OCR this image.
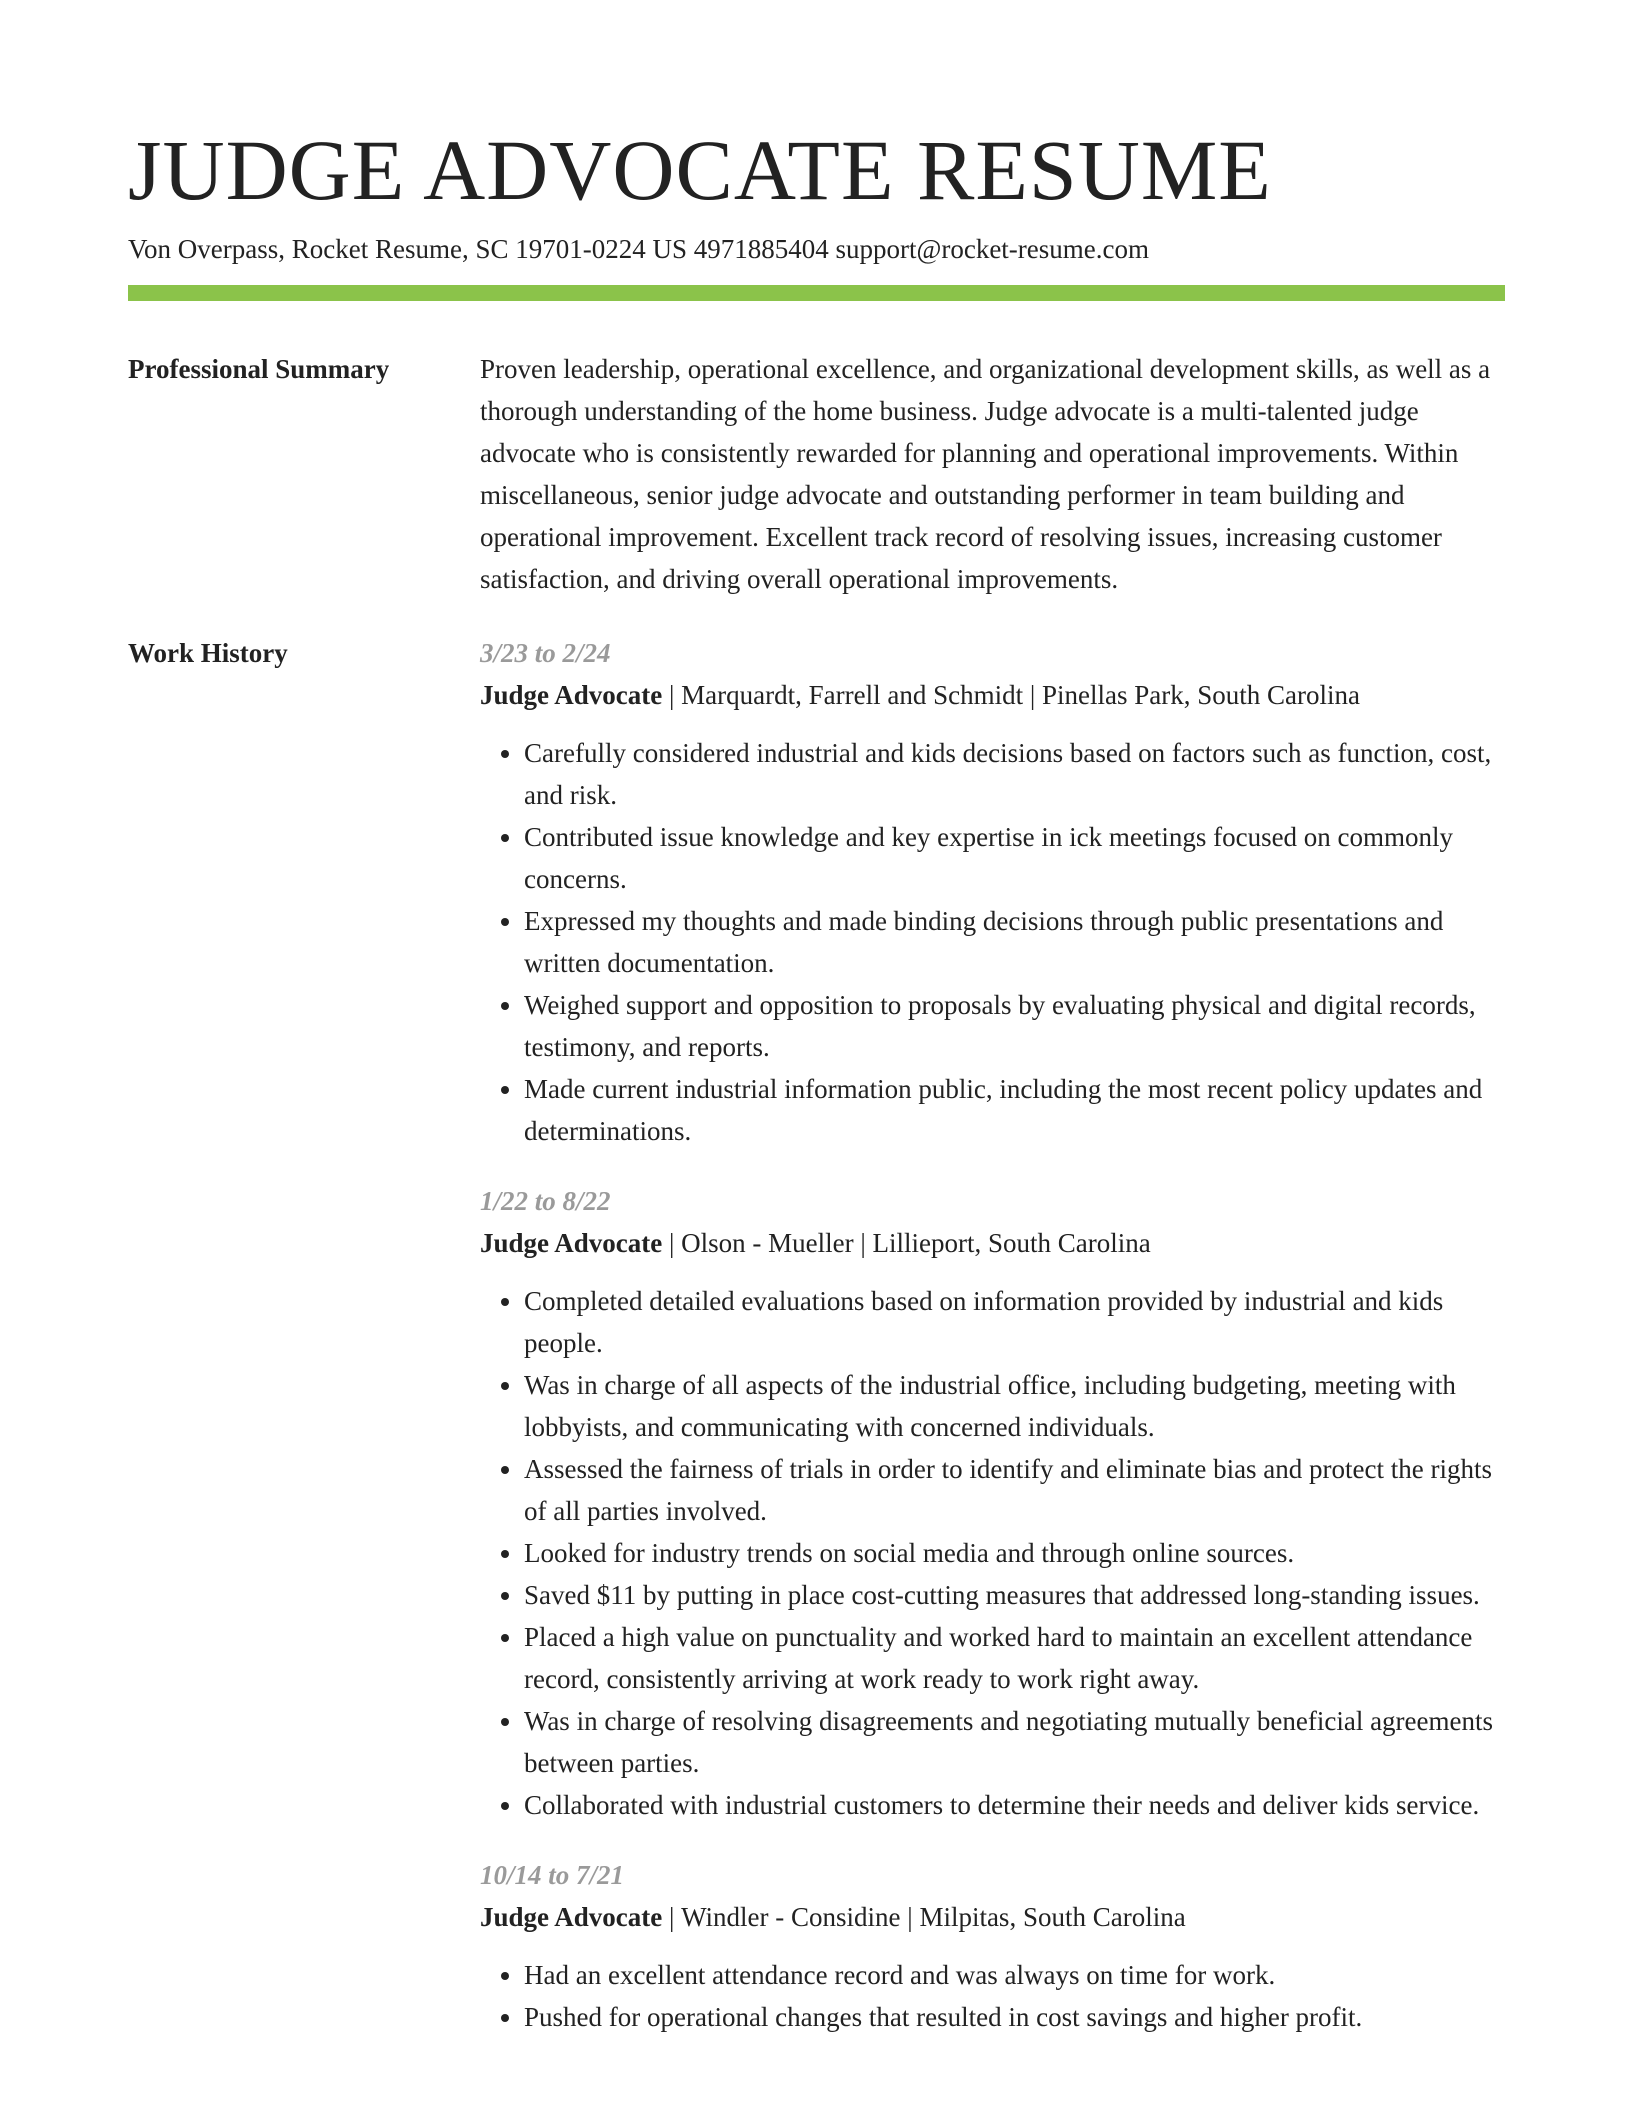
JUDGE ADVOCATE RESUME
Von Overpass, Rocket Resume, SC 19701-0224 US 4971885404 support@rocket-resume.com
Professional Summary	Proven leadership, operational excellence, and organizational development skills, as well as a thorough understanding of the home business. Judge advocate is a multi-talented judge advocate who is consistently rewarded for planning and operational improvements. Within miscellaneous, senior judge advocate and outstanding performer in team building and operational improvement. Excellent track record of resolving issues, increasing customer satisfaction, and driving overall operational improvements.

Work History	3/23 to 2/24
Judge Advocate | Marquardt, Farrell and Schmidt | Pinellas Park, South Carolina
• Carefully considered industrial and kids decisions based on factors such as function, cost, and risk.
• Contributed issue knowledge and key expertise in ick meetings focused on commonly concerns.
• Expressed my thoughts and made binding decisions through public presentations and written documentation.
• Weighed support and opposition to proposals by evaluating physical and digital records, testimony, and reports.
• Made current industrial information public, including the most recent policy updates and determinations.
1/22 to 8/22
Judge Advocate | Olson - Mueller | Lillieport, South Carolina
• Completed detailed evaluations based on information provided by industrial and kids people.
• Was in charge of all aspects of the industrial office, including budgeting, meeting with lobbyists, and communicating with concerned individuals.
• Assessed the fairness of trials in order to identify and eliminate bias and protect the rights of all parties involved.
• Looked for industry trends on social media and through online sources.
• Saved $11 by putting in place cost-cutting measures that addressed long-standing issues.
• Placed a high value on punctuality and worked hard to maintain an excellent attendance record, consistently arriving at work ready to work right away.
• Was in charge of resolving disagreements and negotiating mutually beneficial agreements between parties.
• Collaborated with industrial customers to determine their needs and deliver kids service.
10/14 to 7/21
Judge Advocate | Windler - Considine | Milpitas, South Carolina
• Had an excellent attendance record and was always on time for work.
• Pushed for operational changes that resulted in cost savings and higher profit.
